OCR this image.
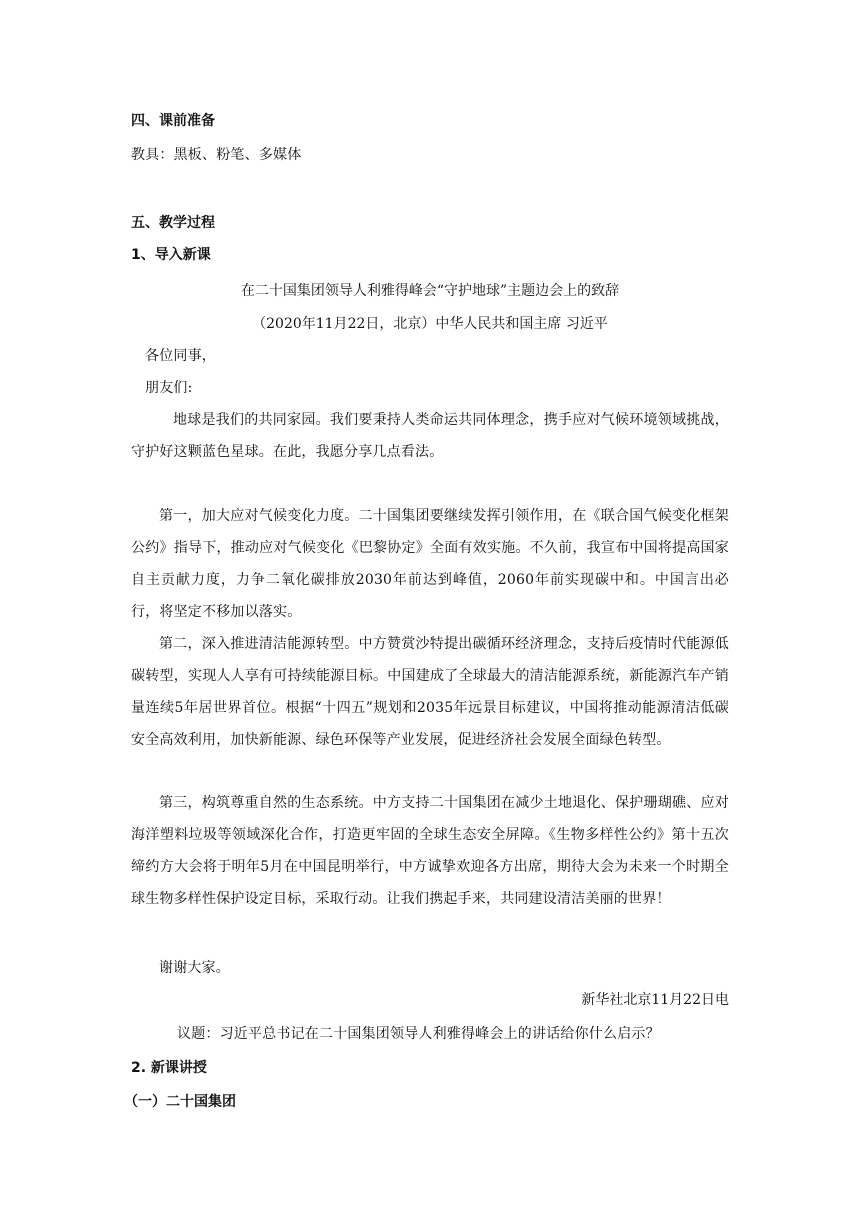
四、课前准备
教具：黑板、粉笔、多媒体
五、教学过程
1、导入新课
在二十国集团领导人利雅得峰会“守护地球”主题边会上的致辞
（2020年11月22日，北京）中华人民共和国主席 习近平
各位同事，
朋友们:
地球是我们的共同家园。我们要秉持人类命运共同体理念，携手应对气候环境领域挑战，守护好这颗蓝色星球。在此，我愿分享几点看法。
第一，加大应对气候变化力度。二十国集团要继续发挥引领作用，在《联合国气候变化框架公约》指导下，推动应对气候变化《巴黎协定》全面有效实施。不久前，我宣布中国将提高国家自主贡献力度，力争二氧化碳排放2030年前达到峰值，2060年前实现碳中和。中国言出必行，将坚定不移加以落实。
第二，深入推进清洁能源转型。中方赞赏沙特提出碳循环经济理念，支持后疫情时代能源低碳转型，实现人人享有可持续能源目标。中国建成了全球最大的清洁能源系统，新能源汽车产销量连续5年居世界首位。根据“十四五”规划和2035年远景目标建议，中国将推动能源清洁低碳安全高效利用，加快新能源、绿色环保等产业发展，促进经济社会发展全面绿色转型。
第三，构筑尊重自然的生态系统。中方支持二十国集团在减少土地退化、保护珊瑚礁、应对海洋塑料垃圾等领域深化合作，打造更牢固的全球生态安全屏障。《生物多样性公约》第十五次缔约方大会将于明年5月在中国昆明举行，中方诚挚欢迎各方出席，期待大会为未来一个时期全球生物多样性保护设定目标，采取行动。让我们携起手来，共同建设清洁美丽的世界！
谢谢大家。
新华社北京11月22日电
议题：习近平总书记在二十国集团领导人利雅得峰会上的讲话给你什么启示？
2. 新课讲授
（一）二十国集团
